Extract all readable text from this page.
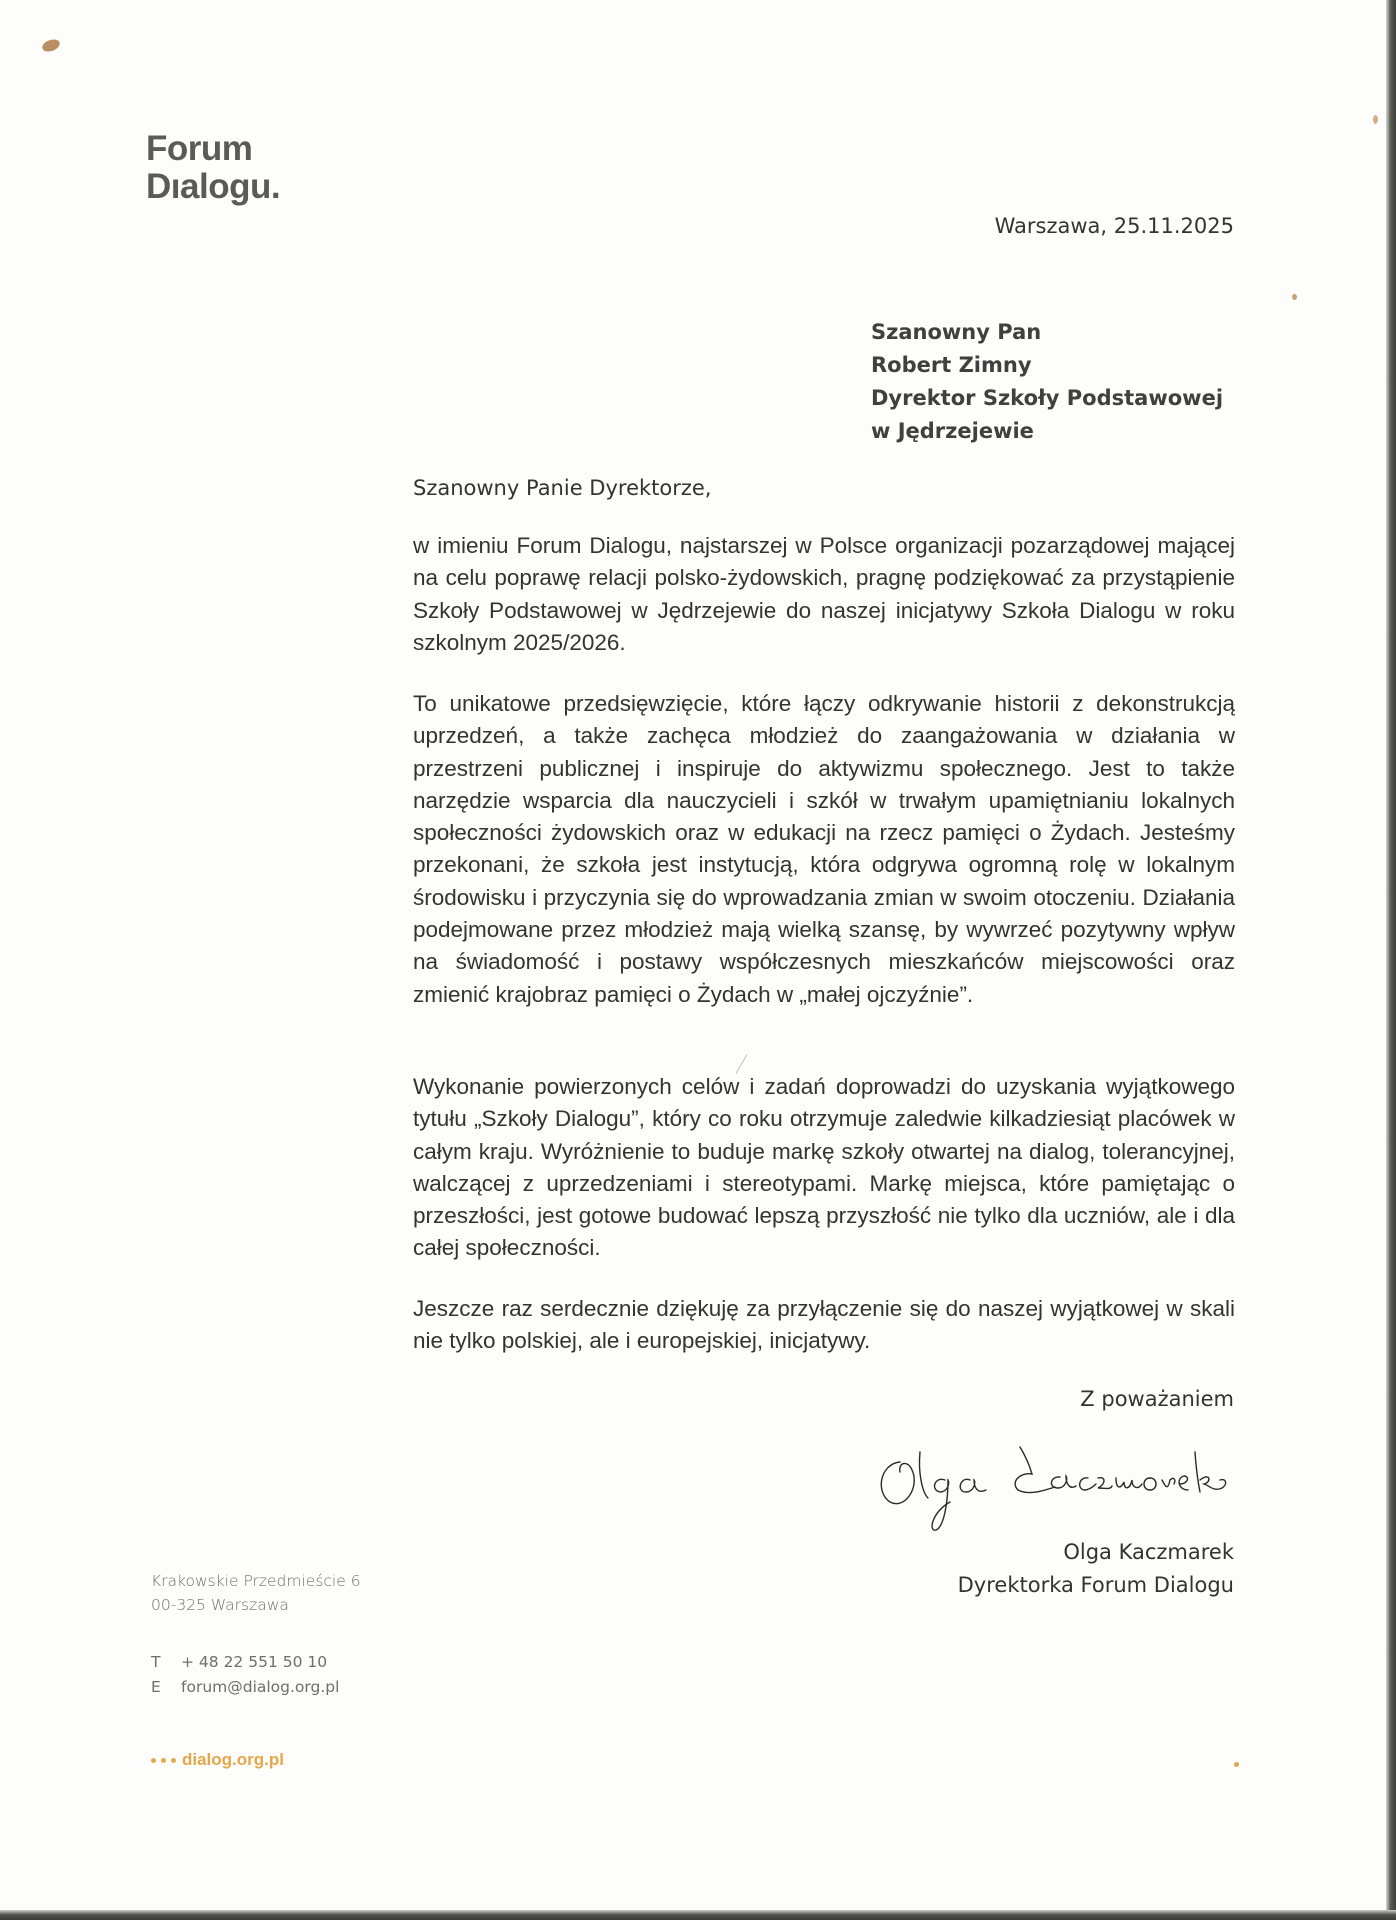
Forum
Dıalogu.
Warszawa, 25.11.2025
Szanowny Pan
Robert Zimny
Dyrektor Szkoły Podstawowej
w Jędrzejewie
Szanowny Panie Dyrektorze,
w imieniu Forum Dialogu, najstarszej w Polsce organizacji pozarządowej mającej na celu poprawę relacji polsko-żydowskich, pragnę podziękować za przystąpienie Szkoły Podstawowej w Jędrzejewie do naszej inicjatywy Szkoła Dialogu w roku szkolnym 2025/2026.
To unikatowe przedsięwzięcie, które łączy odkrywanie historii z dekonstrukcją uprzedzeń, a także zachęca młodzież do zaangażowania w działania w przestrzeni publicznej i inspiruje do aktywizmu społecznego. Jest to także narzędzie wsparcia dla nauczycieli i szkół w trwałym upamiętnianiu lokalnych społeczności żydowskich oraz w edukacji na rzecz pamięci o Żydach. Jesteśmy przekonani, że szkoła jest instytucją, która odgrywa ogromną rolę w lokalnym środowisku i przyczynia się do wprowadzania zmian w swoim otoczeniu. Działania podejmowane przez młodzież mają wielką szansę, by wywrzeć pozytywny wpływ na świadomość i postawy współczesnych mieszkańców miejscowości oraz zmienić krajobraz pamięci o Żydach w „małej ojczyźnie”.
Wykonanie powierzonych celów i zadań doprowadzi do uzyskania wyjątkowego tytułu „Szkoły Dialogu”, który co roku otrzymuje zaledwie kilkadziesiąt placówek w całym kraju. Wyróżnienie to buduje markę szkoły otwartej na dialog, tolerancyjnej, walczącej z uprzedzeniami i stereotypami. Markę miejsca, które pamiętając o przeszłości, jest gotowe budować lepszą przyszłość nie tylko dla uczniów, ale i dla całej społeczności.
Jeszcze raz serdecznie dziękuję za przyłączenie się do naszej wyjątkowej w skali nie tylko polskiej, ale i europejskiej, inicjatywy.
Z poważaniem
Olga Kaczmarek
Dyrektorka Forum Dialogu
Krakowskie Przedmieście 6
00-325 Warszawa
T	+ 48 22 551 50 10
E	forum@dialog.org.pl
dialog.org.pl
